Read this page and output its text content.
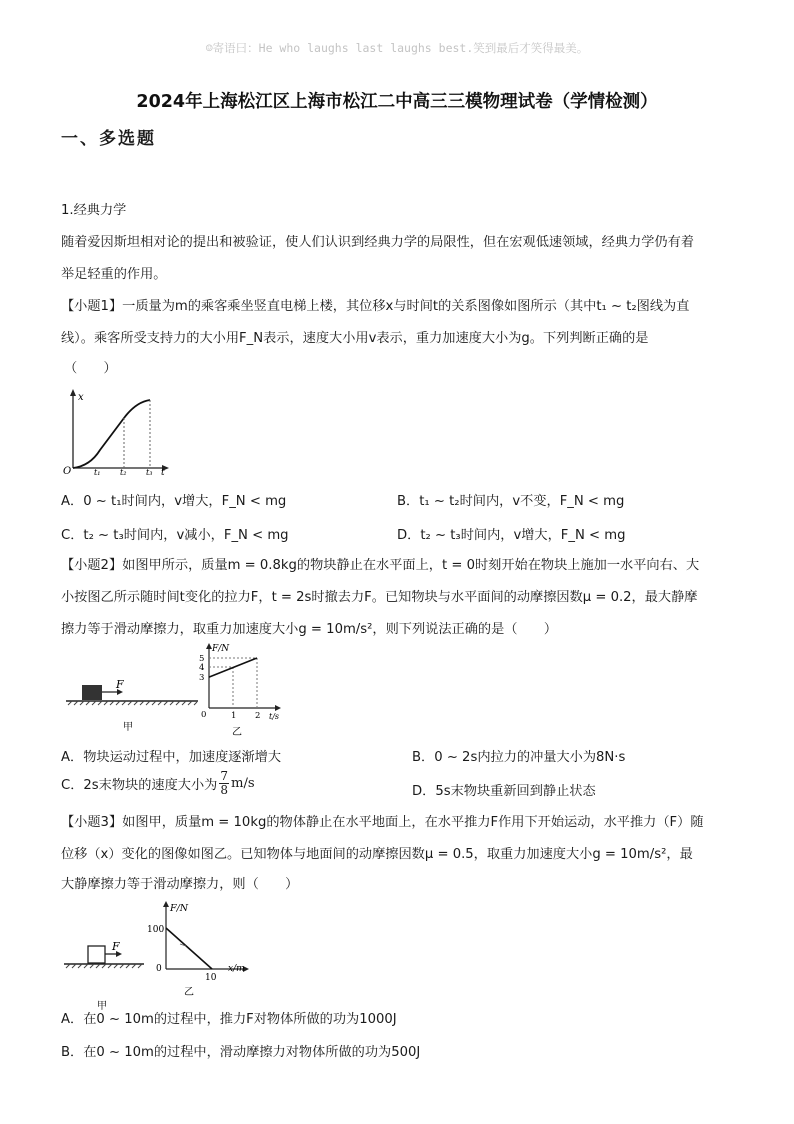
☺寄语曰：He who laughs last laughs best.笑到最后才笑得最美。
2024年上海松江区上海市松江二中高三三模物理试卷（学情检测）
一、多选题
1.经典力学
随着爱因斯坦相对论的提出和被验证，使人们认识到经典力学的局限性，但在宏观低速领域，经典力学仍有着
举足轻重的作用。
【小题1】一质量为m的乘客乘坐竖直电梯上楼，其位移x与时间t的关系图像如图所示（其中t₁ ~ t₂图线为直
线）。乘客所受支持力的大小用F_N表示，速度大小用v表示，重力加速度大小为g。下列判断正确的是
（　　）
x
O	t₁ t₂ t₃ t
A．0 ~ t₁时间内，v增大，F_N < mg	B．t₁ ~ t₂时间内，v不变，F_N < mg
C．t₂ ~ t₃时间内，v减小，F_N < mg	D．t₂ ~ t₃时间内，v增大，F_N < mg
【小题2】如图甲所示，质量m = 0.8kg的物块静止在水平面上，t = 0时刻开始在物块上施加一水平向右、大
小按图乙所示随时间t变化的拉力F，t = 2s时撤去力F。已知物块与水平面间的动摩擦因数μ = 0.2，最大静摩
擦力等于滑动摩擦力，取重力加速度大小g = 10m/s²，则下列说法正确的是（　　）
F
甲
F/N
5
4
3
0	1 2 t/s
乙
A．物块运动过程中，加速度逐渐增大	B．0 ~ 2s内拉力的冲量大小为8N·s
C．2s末物块的速度大小为 $\frac{7}{8} m/s$
D．5s末物块重新回到静止状态
【小题3】如图甲，质量m = 10kg的物体静止在水平地面上，在水平推力F作用下开始运动，水平推力（F）随
位移（x）变化的图像如图乙。已知物体与地面间的动摩擦因数μ = 0.5，取重力加速度大小g = 10m/s²，最
大静摩擦力等于滑动摩擦力，则（　　）
F
甲
F/N
100
0
10
x/m
乙
A．在0 ~ 10m的过程中，推力F对物体所做的功为1000J
B．在0 ~ 10m的过程中，滑动摩擦力对物体所做的功为500J
